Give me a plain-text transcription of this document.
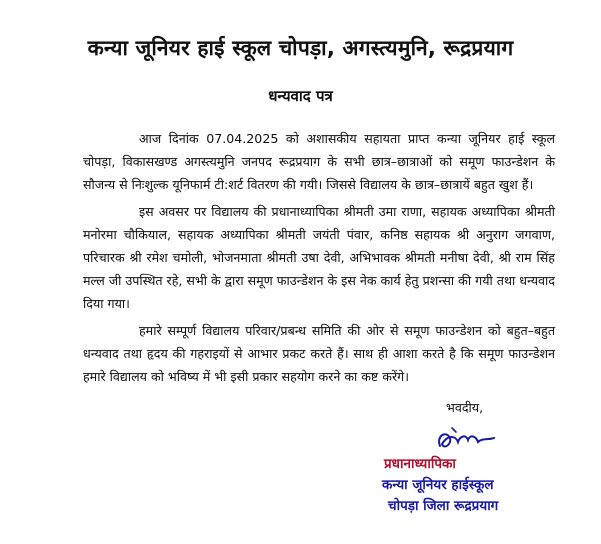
कन्या जूनियर हाई स्कूल चोपड़ा, अगस्त्यमुनि, रूद्रप्रयाग
धन्यवाद पत्र

आज दिनांक 07.04.2025 को अशासकीय सहायता प्राप्त कन्या जूनियर हाई स्कूल चोपड़ा, विकासखण्ड अगस्त्यमुनि जनपद रूद्रप्रयाग के सभी छात्र–छात्राओं को समूण फाउन्डेशन के सौजन्य से निःशुल्क यूनिफार्म टी:शर्ट वितरण की गयी। जिससे विद्यालय के छात्र–छात्रायें बहुत खुश हैं।

इस अवसर पर विद्यालय की प्रधानाध्यापिका श्रीमती उमा राणा, सहायक अध्यापिका श्रीमती मनोरमा चौकियाल, सहायक अध्यापिका श्रीमती जयंती पंवार, कनिष्ठ सहायक श्री अनुराग जगवाण, परिचारक श्री रमेश चमोली, भोजनमाता श्रीमती उषा देवी, अभिभावक श्रीमती मनीषा देवी, श्री राम सिंह मल्ल जी उपस्थित रहे, सभी के द्वारा समूण फाउन्डेशन के इस नेक कार्य हेतु प्रशन्सा की गयी तथा धन्यवाद दिया गया।

हमारे सम्पूर्ण विद्यालय परिवार/प्रबन्ध समिति की ओर से समूण फाउन्डेशन को बहुत–बहुत धन्यवाद तथा हृदय की गहराइयों से आभार प्रकट करते हैं। साथ ही आशा करते है कि समूण फाउन्डेशन हमारे विद्यालय को भविष्य में भी इसी प्रकार सहयोग करने का कष्ट करेंगे।

भवदीय,
प्रधानाध्यापिका
कन्या जूनियर हाईस्कूल
चोपड़ा जिला रूद्रप्रयाग
